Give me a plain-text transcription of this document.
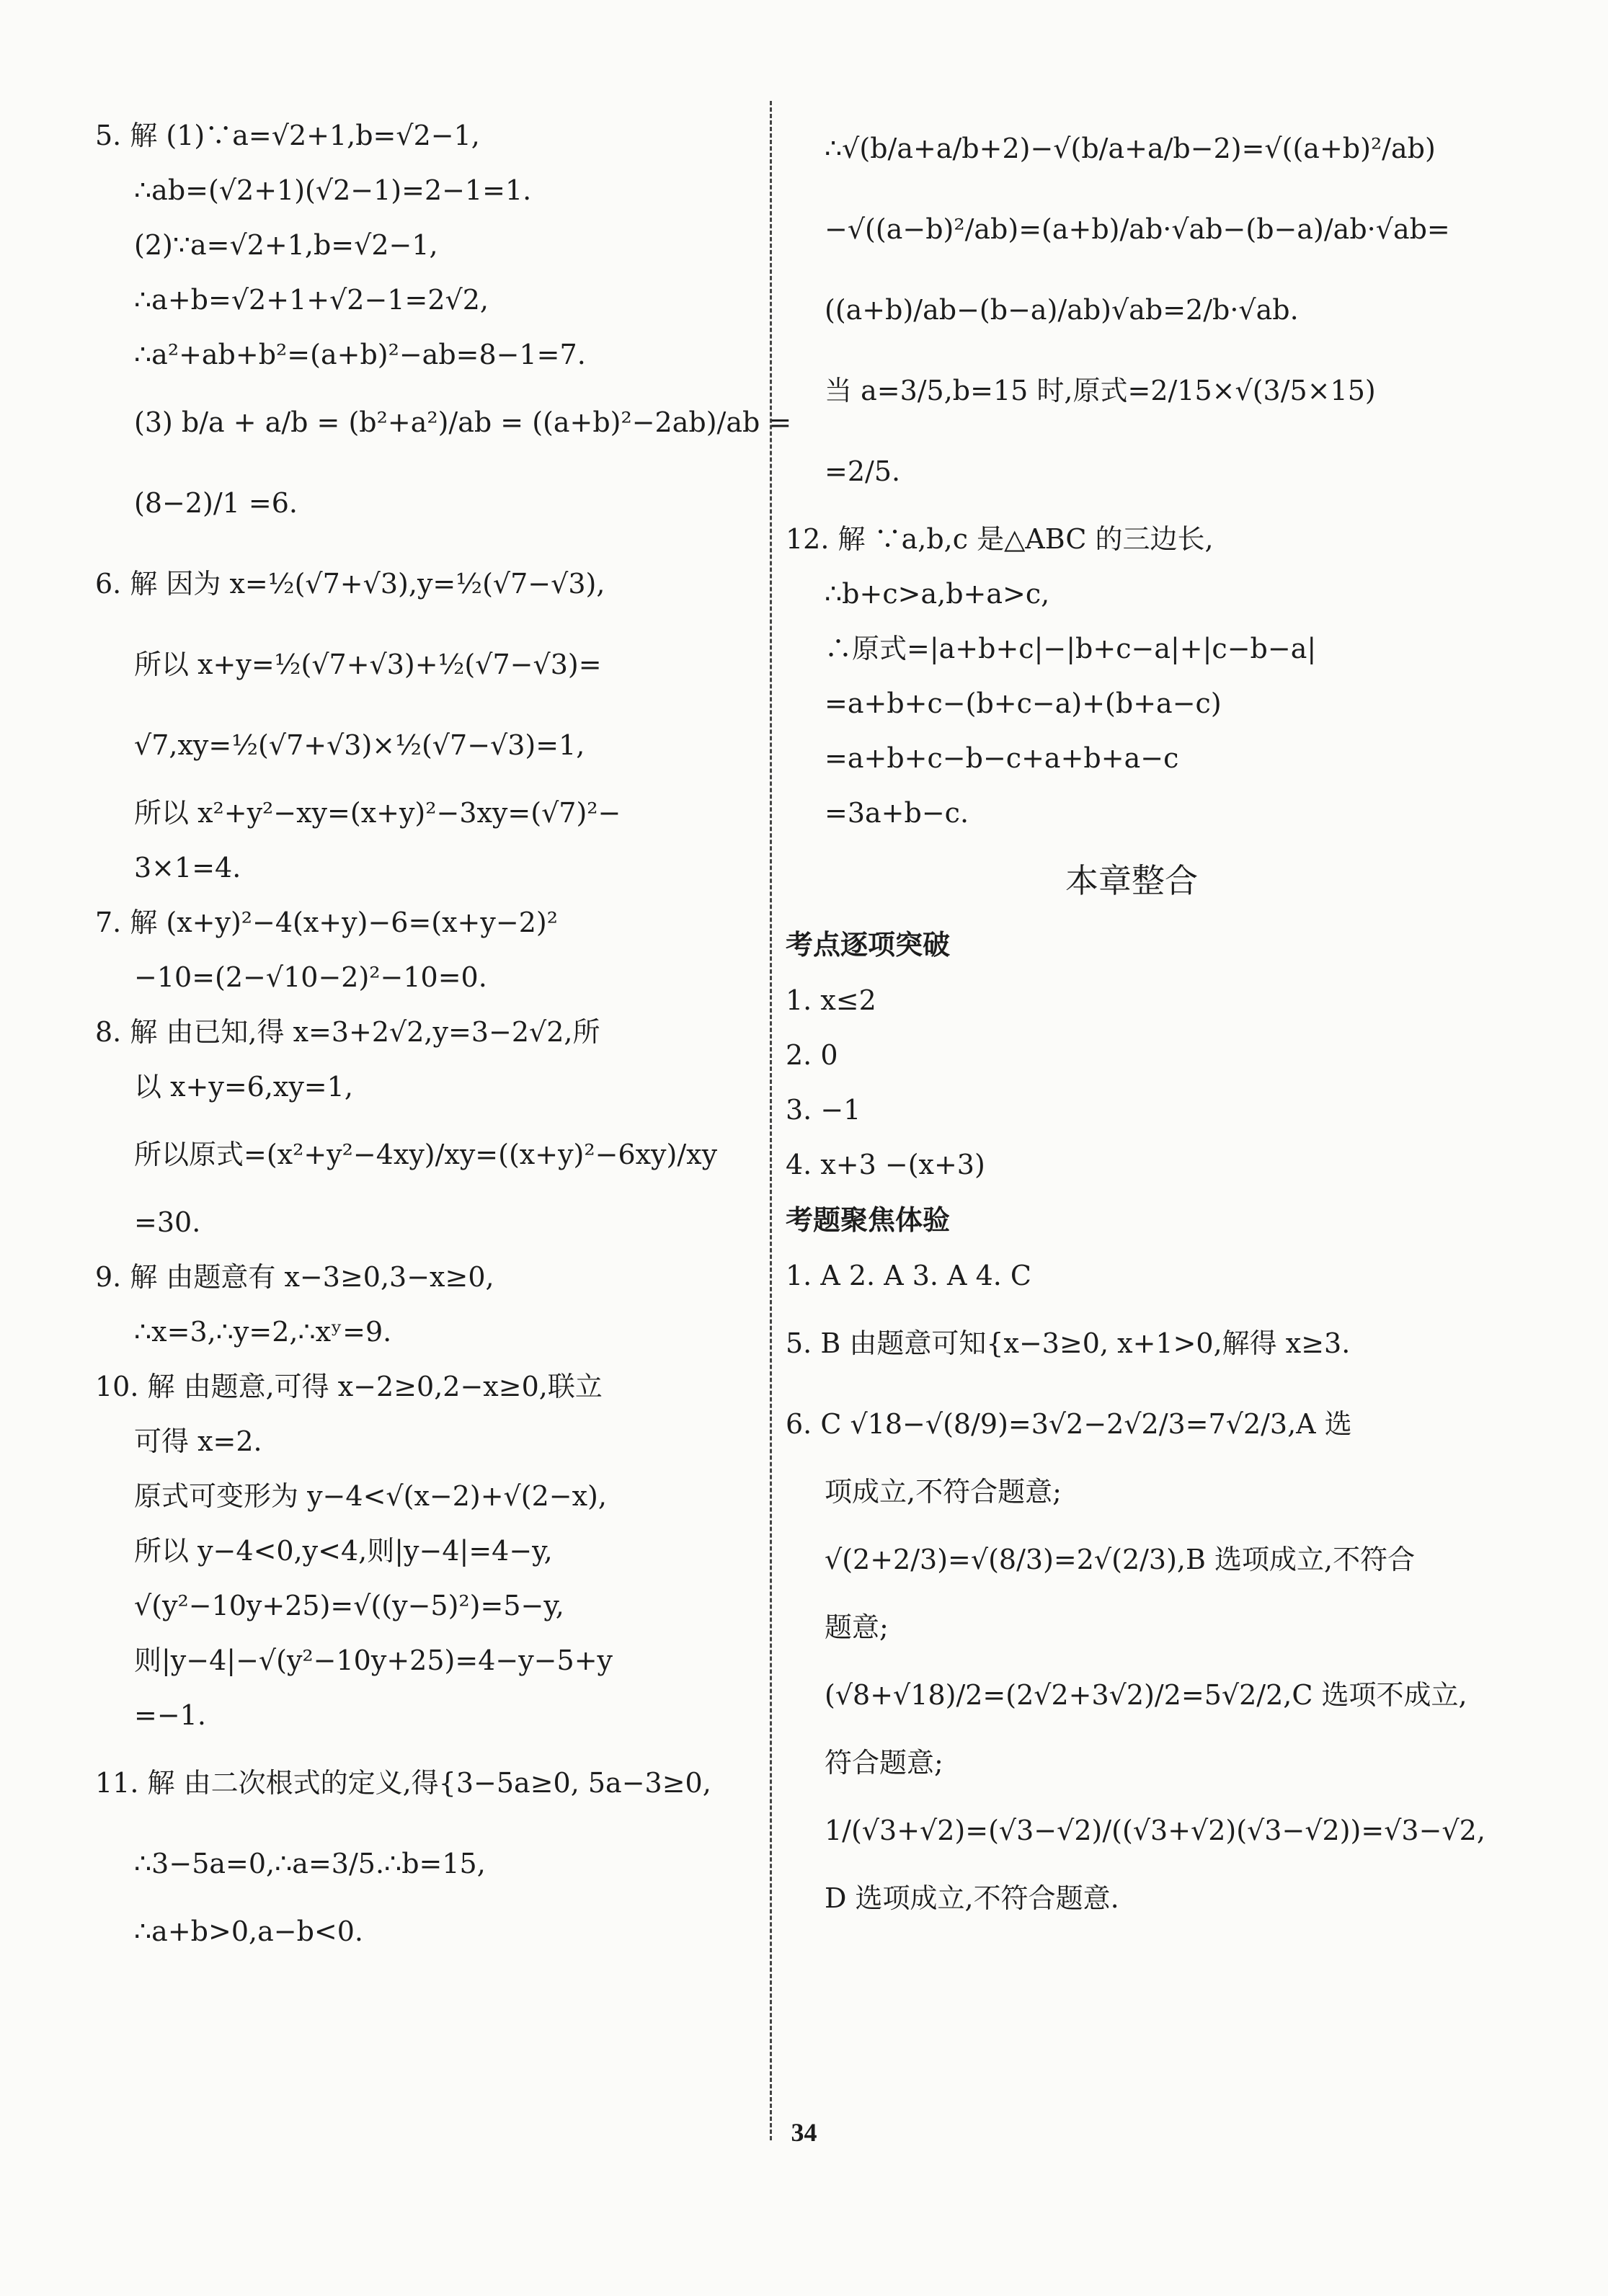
5. 解 (1)∵a=√2+1,b=√2−1,
∴ab=(√2+1)(√2−1)=2−1=1.
(2)∵a=√2+1,b=√2−1,
∴a+b=√2+1+√2−1=2√2,
∴a²+ab+b²=(a+b)²−ab=8−1=7.
(3) b/a + a/b = (b²+a²)/ab = ((a+b)²−2ab)/ab =
(8−2)/1 =6.
6. 解 因为 x=½(√7+√3),y=½(√7−√3),
所以 x+y=½(√7+√3)+½(√7−√3)=
√7,xy=½(√7+√3)×½(√7−√3)=1,
所以 x²+y²−xy=(x+y)²−3xy=(√7)²−
3×1=4.
7. 解 (x+y)²−4(x+y)−6=(x+y−2)²
−10=(2−√10−2)²−10=0.
8. 解 由已知,得 x=3+2√2,y=3−2√2,所
以 x+y=6,xy=1,
所以原式=(x²+y²−4xy)/xy=((x+y)²−6xy)/xy
=30.
9. 解 由题意有 x−3≥0,3−x≥0,
∴x=3,∴y=2,∴xʸ=9.
10. 解 由题意,可得 x−2≥0,2−x≥0,联立
可得 x=2.
原式可变形为 y−4<√(x−2)+√(2−x),
所以 y−4<0,y<4,则|y−4|=4−y,
√(y²−10y+25)=√((y−5)²)=5−y,
则|y−4|−√(y²−10y+25)=4−y−5+y
=−1.
11. 解 由二次根式的定义,得{3−5a≥0, 5a−3≥0,
∴3−5a=0,∴a=3/5.∴b=15,
∴a+b>0,a−b<0.
∴√(b/a+a/b+2)−√(b/a+a/b−2)=√((a+b)²/ab)
−√((a−b)²/ab)=(a+b)/ab·√ab−(b−a)/ab·√ab=
((a+b)/ab−(b−a)/ab)√ab=2/b·√ab.
当 a=3/5,b=15 时,原式=2/15×√(3/5×15)
=2/5.
12. 解 ∵a,b,c 是△ABC 的三边长,
∴b+c>a,b+a>c,
∴原式=|a+b+c|−|b+c−a|+|c−b−a|
=a+b+c−(b+c−a)+(b+a−c)
=a+b+c−b−c+a+b+a−c
=3a+b−c.
本章整合
考点逐项突破
1. x≤2
2. 0
3. −1
4. x+3 −(x+3)
考题聚焦体验
1. A 2. A 3. A 4. C
5. B 由题意可知{x−3≥0, x+1>0,解得 x≥3.
6. C √18−√(8/9)=3√2−2√2/3=7√2/3,A 选
项成立,不符合题意;
√(2+2/3)=√(8/3)=2√(2/3),B 选项成立,不符合
题意;
(√8+√18)/2=(2√2+3√2)/2=5√2/2,C 选项不成立,
符合题意;
1/(√3+√2)=(√3−√2)/((√3+√2)(√3−√2))=√3−√2,
D 选项成立,不符合题意.
34
